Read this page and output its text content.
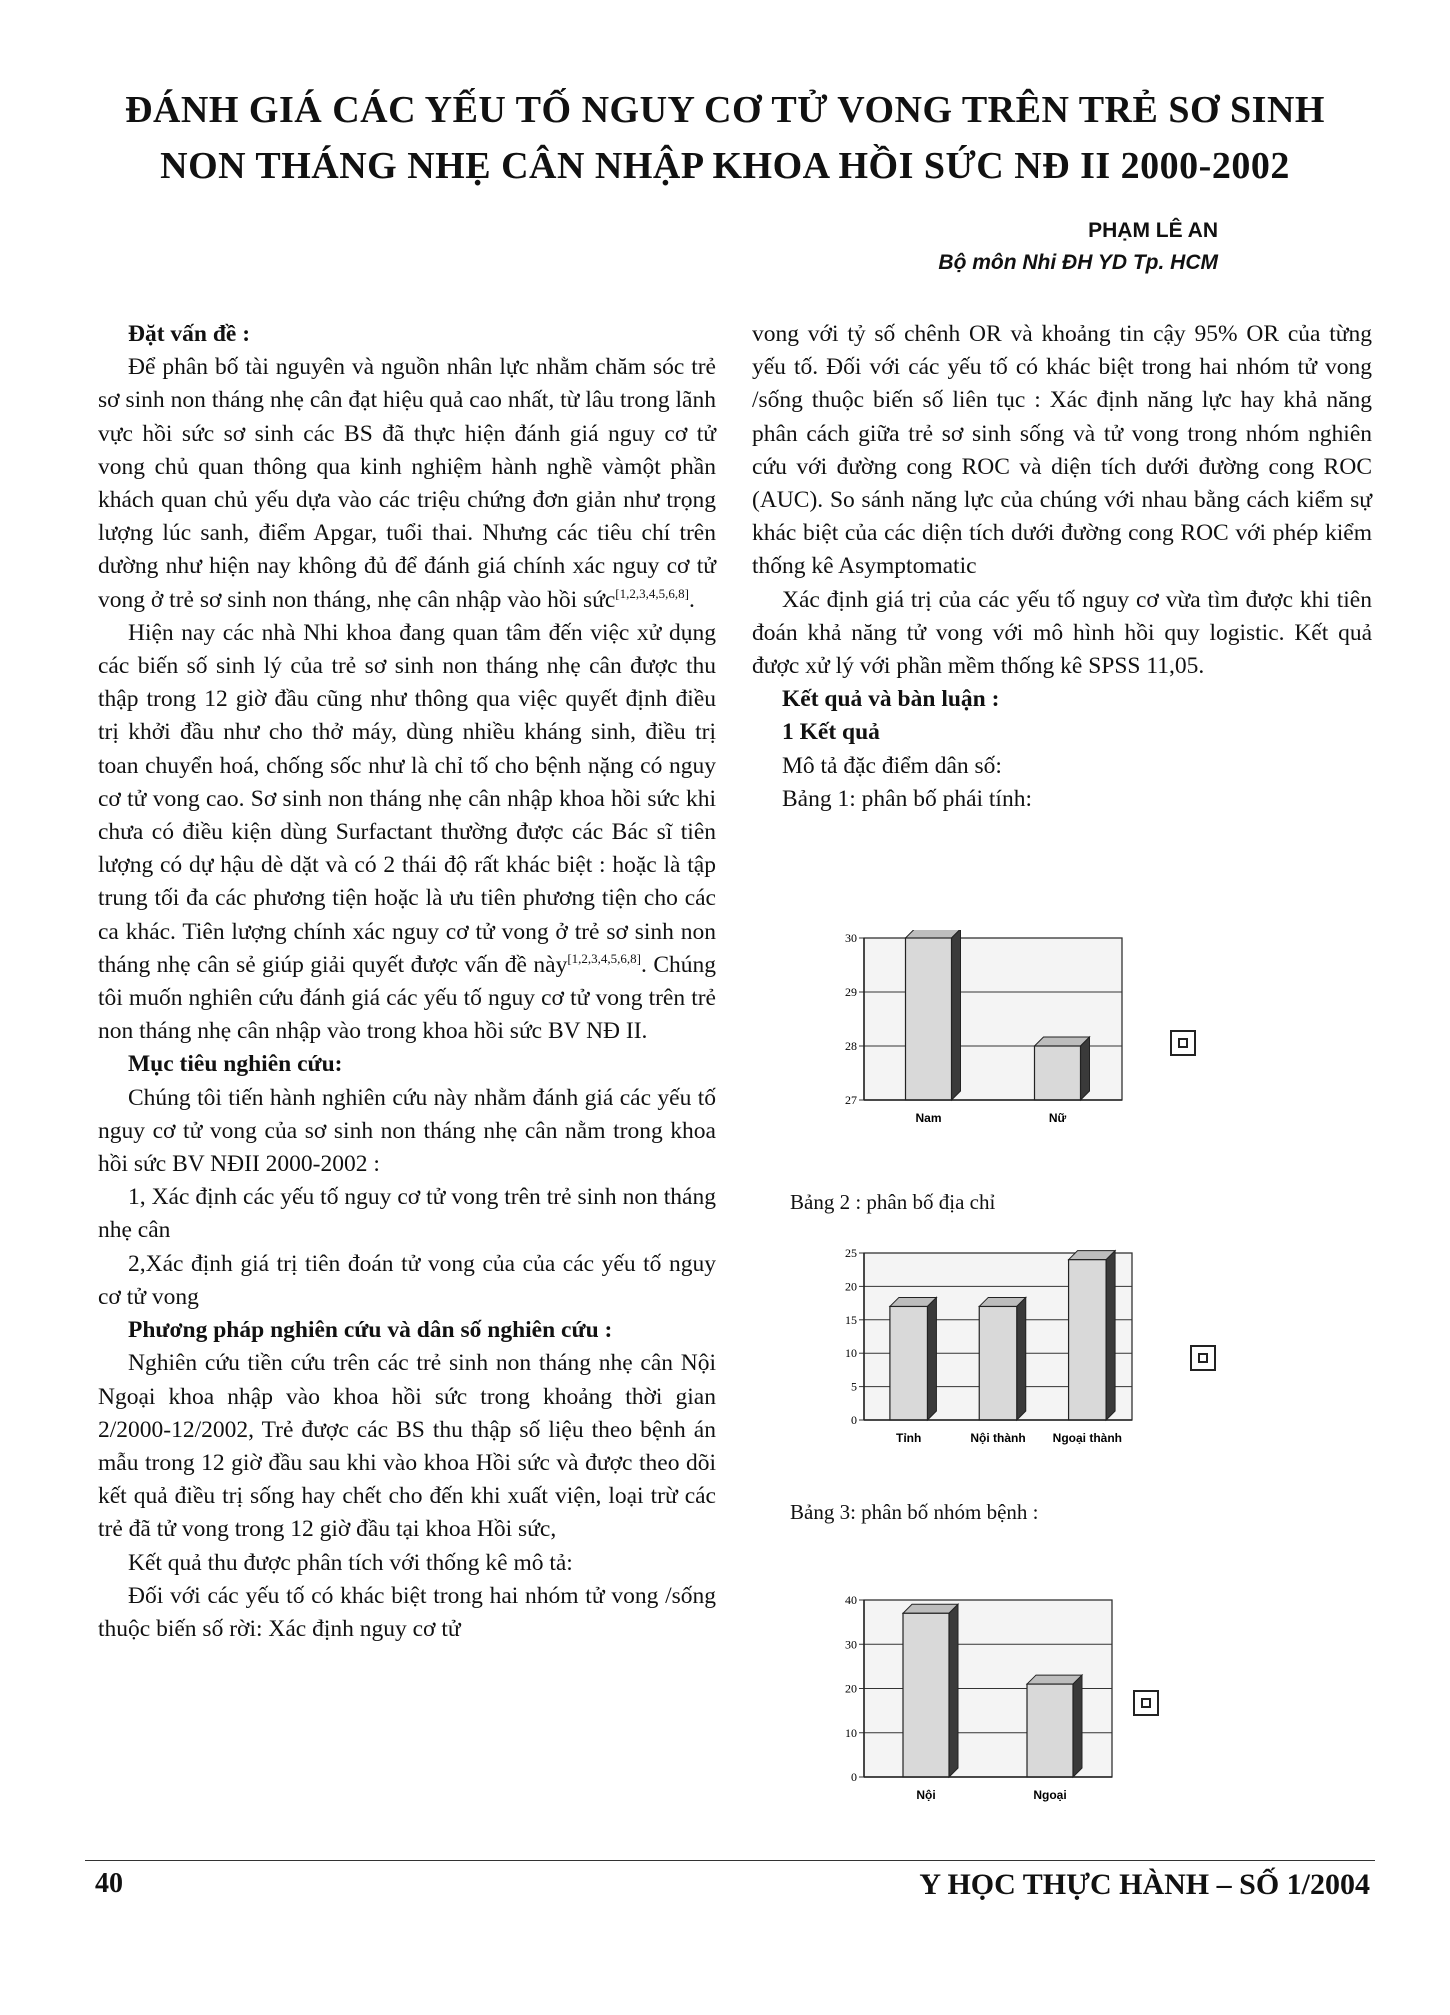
ĐÁNH GIÁ CÁC YẾU TỐ NGUY CƠ TỬ VONG TRÊN TRẺ SƠ SINH
NON THÁNG NHẸ CÂN NHẬP KHOA HỒI SỨC NĐ II 2000-2002
PHẠM LÊ AN
Bộ môn Nhi ĐH YD Tp. HCM

Đặt vấn đề :

Để phân bố tài nguyên và nguồn nhân lực nhằm chăm sóc trẻ sơ sinh non tháng nhẹ cân đạt hiệu quả cao nhất, từ lâu trong lãnh vực hồi sức sơ sinh các BS đã thực hiện đánh giá nguy cơ tử vong chủ quan thông qua kinh nghiệm hành nghề vàmột phần khách quan chủ yếu dựa vào các triệu chứng đơn giản như trọng lượng lúc sanh, điểm Apgar, tuổi thai. Nhưng các tiêu chí trên dường như hiện nay không đủ để đánh giá chính xác nguy cơ tử vong ở trẻ sơ sinh non tháng, nhẹ cân nhập vào hồi sức[1,2,3,4,5,6,8].

Hiện nay các nhà Nhi khoa đang quan tâm đến việc xử dụng các biến số sinh lý của trẻ sơ sinh non tháng nhẹ cân được thu thập trong 12 giờ đầu cũng như thông qua việc quyết định điều trị khởi đầu như cho thở máy, dùng nhiều kháng sinh, điều trị toan chuyển hoá, chống sốc như là chỉ tố cho bệnh nặng có nguy cơ tử vong cao. Sơ sinh non tháng nhẹ cân nhập khoa hồi sức khi chưa có điều kiện dùng Surfactant thường được các Bác sĩ tiên lượng có dự hậu dè dặt và có 2 thái độ rất khác biệt : hoặc là tập trung tối đa các phương tiện hoặc là ưu tiên phương tiện cho các ca khác. Tiên lượng chính xác nguy cơ tử vong ở trẻ sơ sinh non tháng nhẹ cân sẻ giúp giải quyết được vấn đề này[1,2,3,4,5,6,8]. Chúng tôi muốn nghiên cứu đánh giá các yếu tố nguy cơ tử vong trên trẻ non tháng nhẹ cân nhập vào trong khoa hồi sức BV NĐ II.

Mục tiêu nghiên cứu:

Chúng tôi tiến hành nghiên cứu này nhằm đánh giá các yếu tố nguy cơ tử vong của sơ sinh non tháng nhẹ cân nằm trong khoa hồi sức BV NĐII 2000-2002 :

1, Xác định các yếu tố nguy cơ tử vong trên trẻ sinh non tháng nhẹ cân

2,Xác định giá trị tiên đoán tử vong của của các yếu tố nguy cơ tử vong

Phương pháp nghiên cứu và dân số nghiên cứu :

Nghiên cứu tiền cứu trên các trẻ sinh non tháng nhẹ cân Nội Ngoại khoa nhập vào khoa hồi sức trong khoảng thời gian 2/2000-12/2002, Trẻ được các BS thu thập số liệu theo bệnh án mẫu trong 12 giờ đầu sau khi vào khoa Hồi sức và được theo dõi kết quả điều trị sống hay chết cho đến khi xuất viện, loại trừ các trẻ đã tử vong trong 12 giờ đầu tại khoa Hồi sức,

Kết quả thu được phân tích với thống kê mô tả:

Đối với các yếu tố có khác biệt trong hai nhóm tử vong /sống thuộc biến số rời: Xác định nguy cơ tử

vong với tỷ số chênh OR và khoảng tin cậy 95% OR của từng yếu tố. Đối với các yếu tố có khác biệt trong hai nhóm tử vong /sống thuộc biến số liên tục : Xác định năng lực hay khả năng phân cách giữa trẻ sơ sinh sống và tử vong trong nhóm nghiên cứu với đường cong ROC và diện tích dưới đường cong ROC (AUC). So sánh năng lực của chúng với nhau bằng cách kiểm sự khác biệt của các diện tích dưới đường cong ROC với phép kiểm thống kê Asymptomatic

Xác định giá trị của các yếu tố nguy cơ vừa tìm được khi tiên đoán khả năng tử vong với mô hình hồi quy logistic. Kết quả được xử lý với phần mềm thống kê SPSS 11,05.

Kết quả và bàn luận :

1 Kết quả

Mô tả đặc điểm dân số:

Bảng 1: phân bố phái tính:

Bảng 2 : phân bố địa chỉ
Bảng 3: phân bố nhóm bệnh :
27
28
29
30
Nam	Nữ
0
5
10
15
20
25
Tỉnh	Nội thành Ngoại thành
0
10
20
30
40
Nội	Ngoại
40	Y HỌC THỰC HÀNH – SỐ 1/2004
